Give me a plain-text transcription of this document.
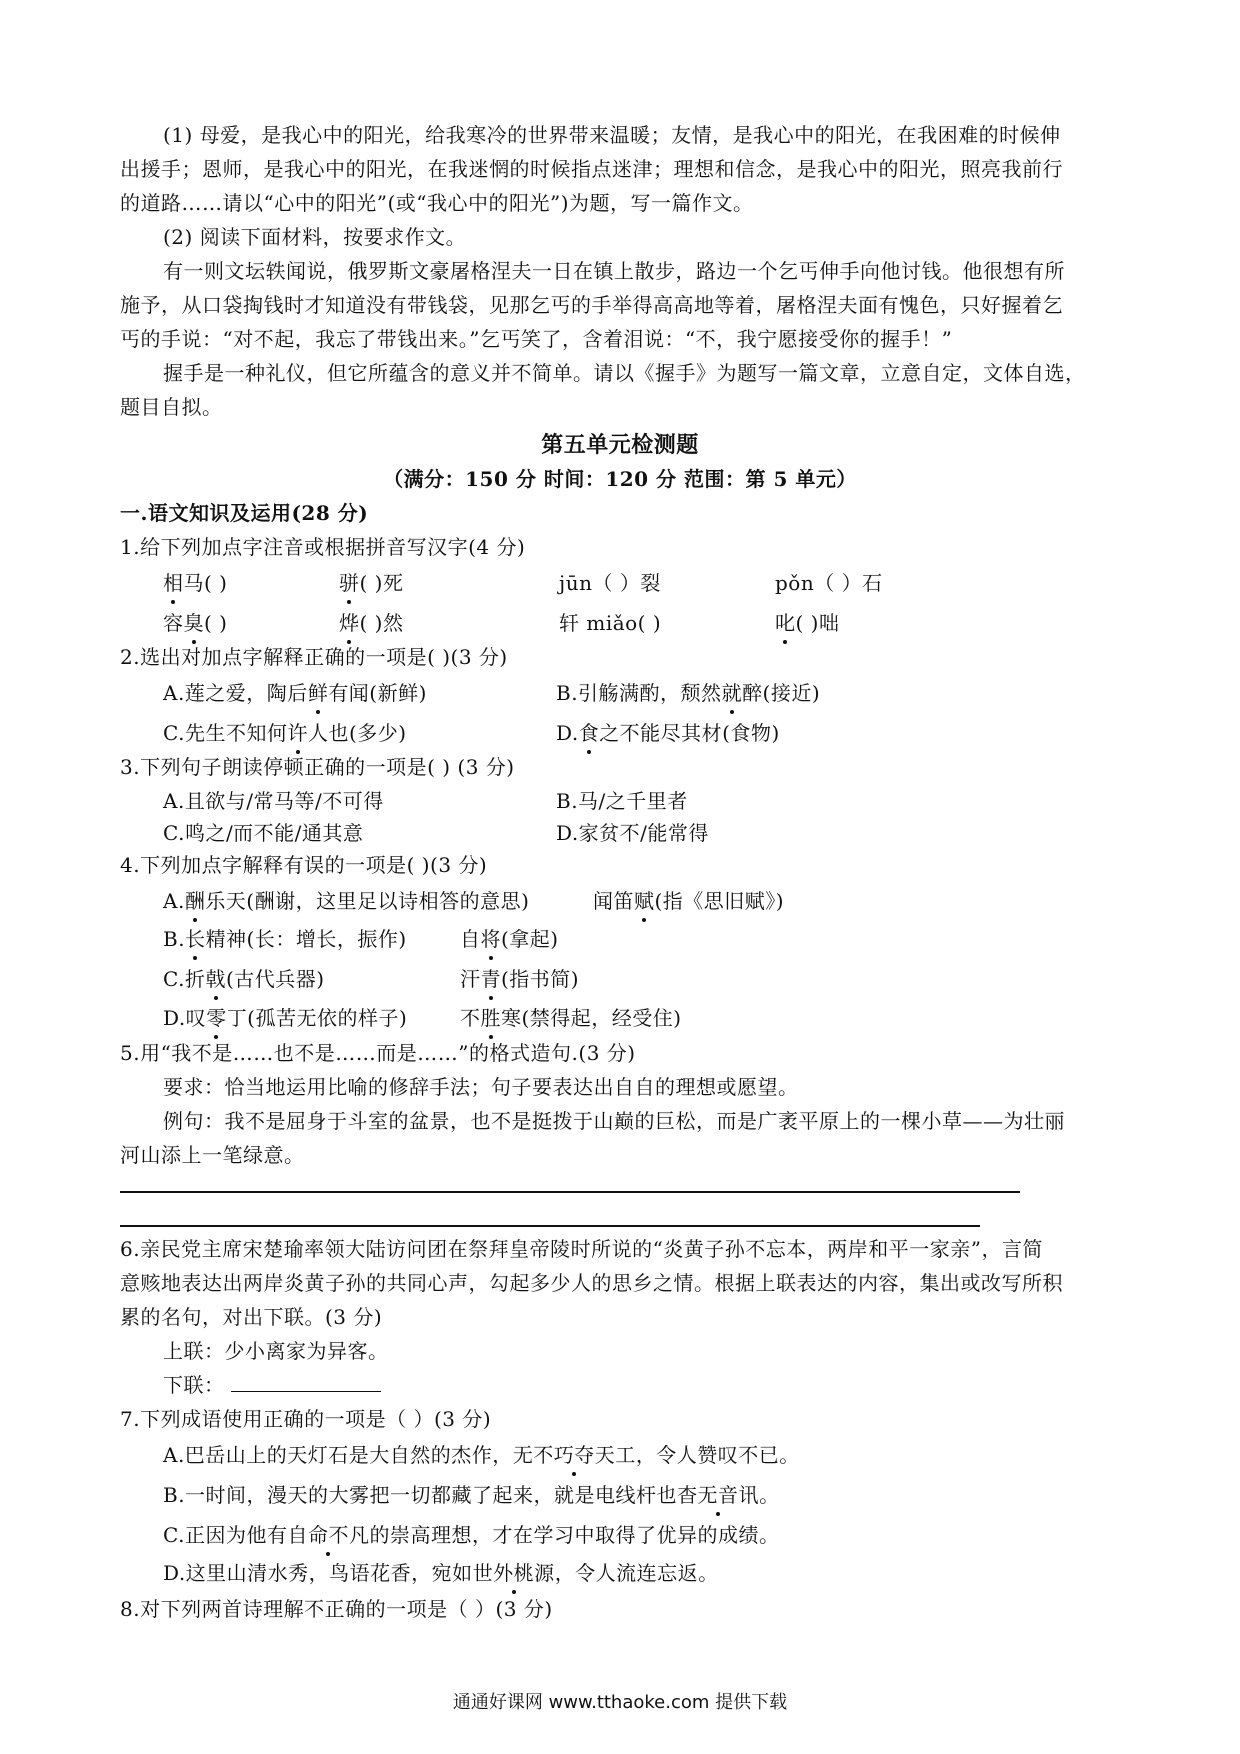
(1) 母爱，是我心中的阳光，给我寒冷的世界带来温暖；友情，是我心中的阳光，在我困难的时候伸
出援手；恩师，是我心中的阳光，在我迷惘的时候指点迷津；理想和信念，是我心中的阳光，照亮我前行
的道路……请以“心中的阳光”(或“我心中的阳光”)为题，写一篇作文。
(2) 阅读下面材料，按要求作文。
有一则文坛轶闻说，俄罗斯文豪屠格涅夫一日在镇上散步，路边一个乞丐伸手向他讨钱。他很想有所
施予，从口袋掏钱时才知道没有带钱袋，见那乞丐的手举得高高地等着，屠格涅夫面有愧色，只好握着乞
丐的手说：“对不起，我忘了带钱出来。”乞丐笑了，含着泪说：“不，我宁愿接受你的握手！”
握手是一种礼仪，但它所蕴含的意义并不简单。请以《握手》为题写一篇文章，立意自定，文体自选，
题目自拟。
第五单元检测题
（满分：150 分 时间：120 分 范围：第 5 单元）
一.语文知识及运用(28 分)
1.给下列加点字注音或根据拼音写汉字(4 分)
相马( )	骈( )死	jūn（ ）裂	pǒn（ ）石
容臭( )	烨( )然	轩 miǎo( )	叱( )咄
2.选出对加点字解释正确的一项是( )(3 分)
A.莲之爱，陶后鲜有闻(新鲜)	B.引觞满酌，颓然就醉(接近)
C.先生不知何许人也(多少)	D.食之不能尽其材(食物)
3.下列句子朗读停顿正确的一项是( ) (3 分)
A.且欲与/常马等/不可得	B.马/之千里者
C.鸣之/而不能/通其意	D.家贫不/能常得
4.下列加点字解释有误的一项是( )(3 分)
A.酬乐天(酬谢，这里足以诗相答的意思)	闻笛赋(指《思旧赋》)
B.长精神(长：增长，振作)	自将(拿起)
C.折戟(古代兵器)	汗青(指书简)
D.叹零丁(孤苦无依的样子)	不胜寒(禁得起，经受住)
5.用“我不是……也不是……而是……”的格式造句.(3 分)
要求：恰当地运用比喻的修辞手法；句子要表达出自自的理想或愿望。
例句：我不是屈身于斗室的盆景，也不是挺拨于山巅的巨松，而是广袤平原上的一棵小草——为壮丽
河山添上一笔绿意。
6.亲民党主席宋楚瑜率领大陆访问团在祭拜皇帝陵时所说的“炎黄子孙不忘本，两岸和平一家亲”，言简
意赅地表达出两岸炎黄子孙的共同心声，勾起多少人的思乡之情。根据上联表达的内容，集出或改写所积
累的名句，对出下联。(3 分)
上联：少小离家为异客。
下联：
7.下列成语使用正确的一项是（ ）(3 分)
A.巴岳山上的天灯石是大自然的杰作，无不巧夺天工，令人赞叹不已。
B.一时间，漫天的大雾把一切都藏了起来，就是电线杆也杳无音讯。
C.正因为他有自命不凡的崇高理想，才在学习中取得了优异的成绩。
D.这里山清水秀，鸟语花香，宛如世外桃源，令人流连忘返。
8.对下列两首诗理解不正确的一项是（ ）(3 分)
通通好课网 www.tthaoke.com 提供下载
